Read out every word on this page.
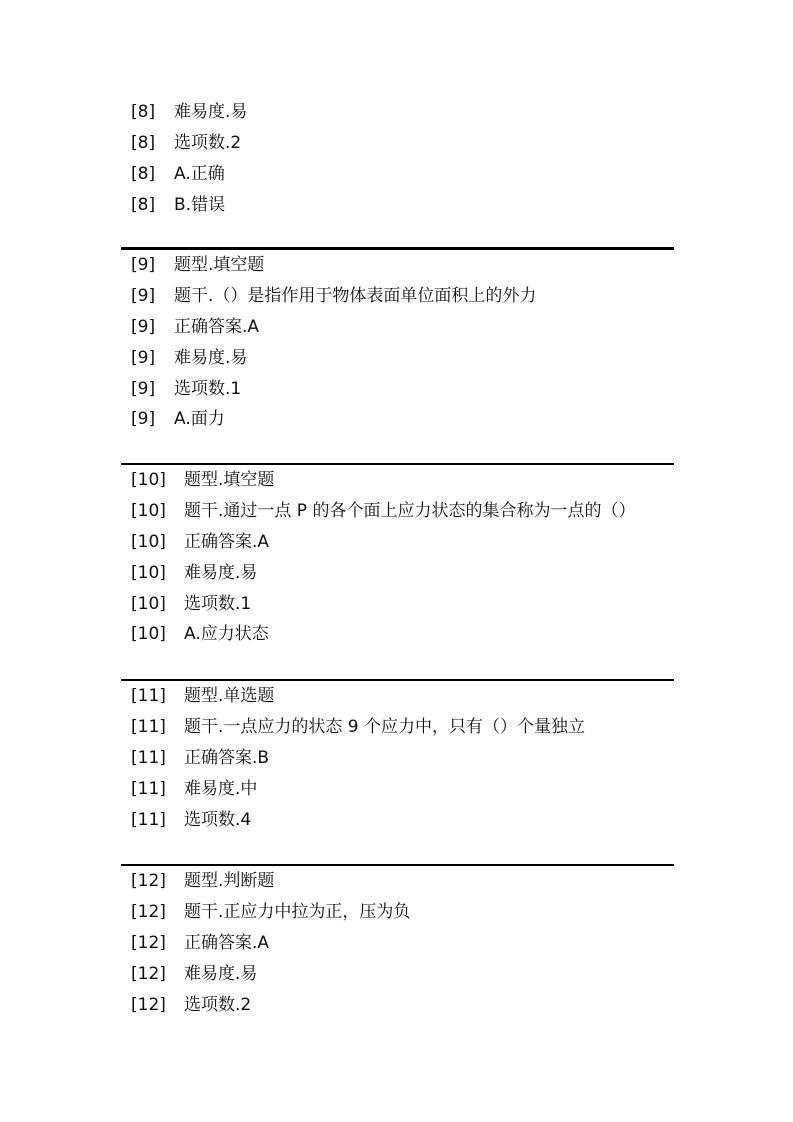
[8]	难易度.易
[8]	选项数.2
[8]	A.正确
[8]	B.错误
[9]	题型.填空题
[9]	题干.（）是指作用于物体表面单位面积上的外力
[9]	正确答案.A
[9]	难易度.易
[9]	选项数.1
[9]	A.面力
[10]	题型.填空题
[10]	题干.通过一点 P 的各个面上应力状态的集合称为一点的（）
[10]	正确答案.A
[10]	难易度.易
[10]	选项数.1
[10]	A.应力状态
[11]	题型.单选题
[11]	题干.一点应力的状态 9 个应力中，只有（）个量独立
[11]	正确答案.B
[11]	难易度.中
[11]	选项数.4
[12]	题型.判断题
[12]	题干.正应力中拉为正，压为负
[12]	正确答案.A
[12]	难易度.易
[12]	选项数.2
